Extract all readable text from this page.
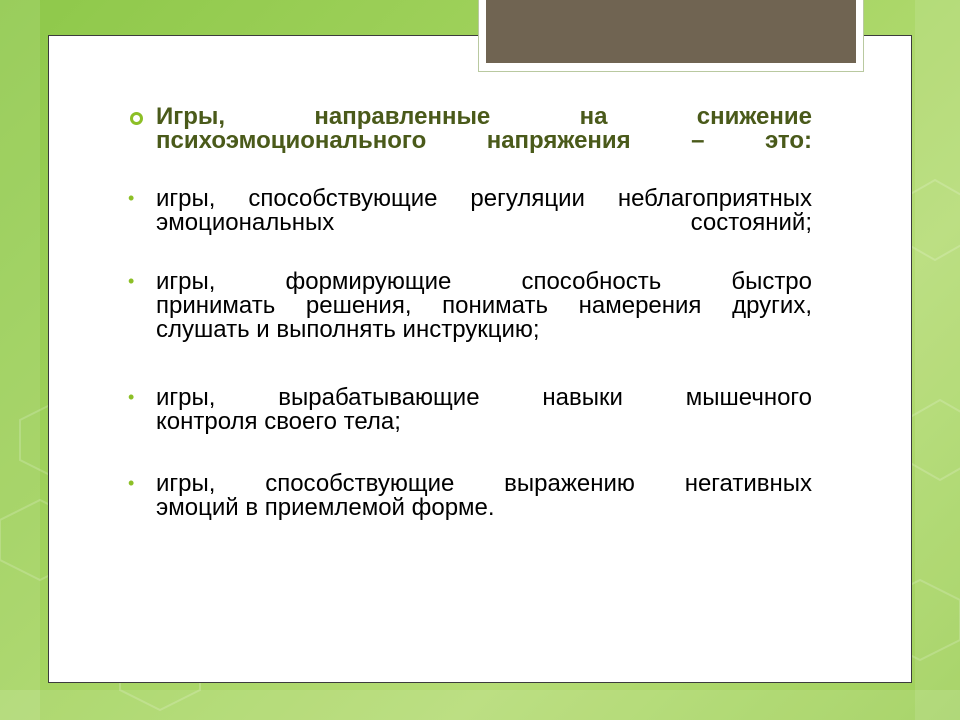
Игры, направленные на снижение
психоэмоционального напряжения – это:
• игры, способствующие регуляции неблагоприятных
эмоциональных состояний;
• игры, формирующие способность быстро
принимать решения, понимать намерения других,
слушать и выполнять инструкцию;
• игры, вырабатывающие навыки мышечного
контроля своего тела;
• игры, способствующие выражению негативных
эмоций в приемлемой форме.
